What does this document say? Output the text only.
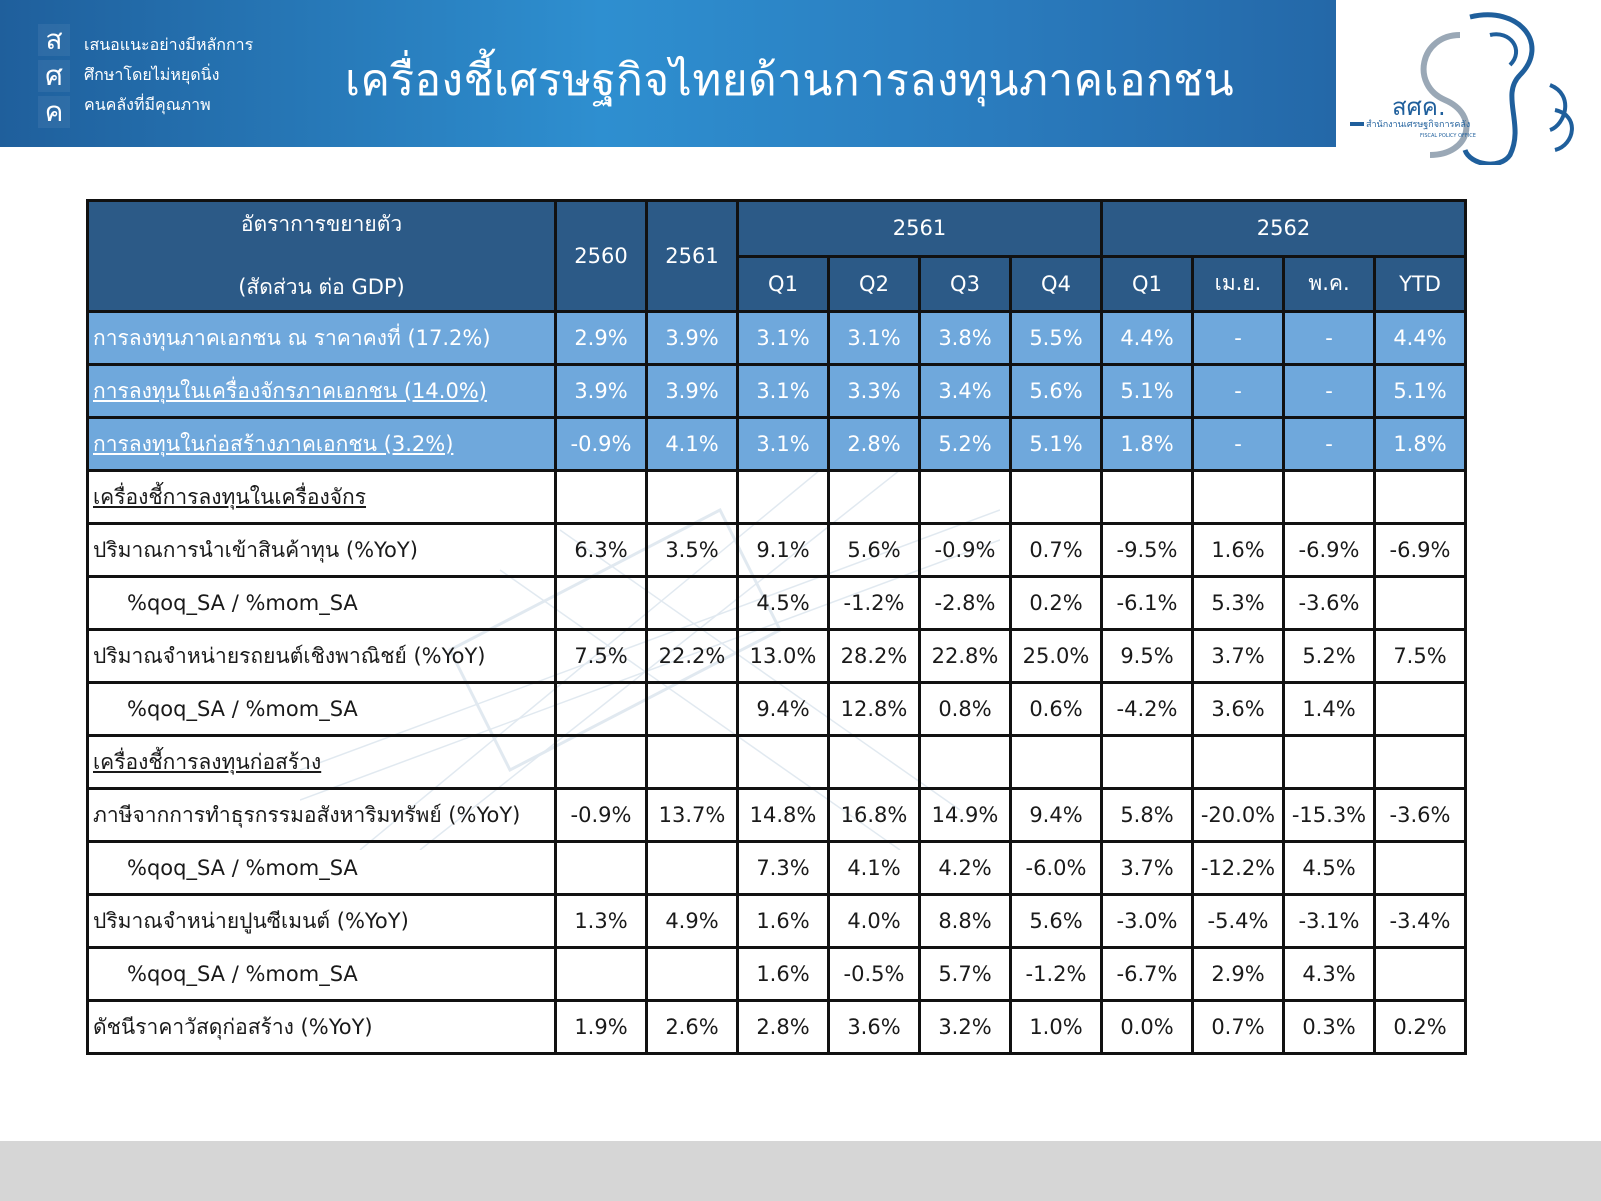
ส
ศ
ค
เสนอแนะอย่างมีหลักการ
ศึกษาโดยไม่หยุดนิ่ง
คนคลังที่มีคุณภาพ	เครื่องชี้เศรษฐกิจไทยด้านการลงทุนภาคเอกชน
สศค.
สำนักงานเศรษฐกิจการคลัง
FISCAL POLICY OFFICE
อัตราการขยายตัว
(สัดส่วน ต่อ GDP)	2560	2561	2561				2562			
			Q1	Q2	Q3	Q4	Q1	เม.ย.	พ.ค.	YTD
การลงทุนภาคเอกชน ณ ราคาคงที่ (17.2%)	2.9%	3.9%	3.1%	3.1%	3.8%	5.5%	4.4%	-	-	4.4%
การลงทุนในเครื่องจักรภาคเอกชน (14.0%)	3.9%	3.9%	3.1%	3.3%	3.4%	5.6%	5.1%	-	-	5.1%
การลงทุนในก่อสร้างภาคเอกชน (3.2%)	-0.9%	4.1%	3.1%	2.8%	5.2%	5.1%	1.8%	-	-	1.8%
เครื่องชี้การลงทุนในเครื่องจักร										
ปริมาณการนำเข้าสินค้าทุน (%YoY)	6.3%	3.5%	9.1%	5.6%	-0.9%	0.7%	-9.5%	1.6%	-6.9%	-6.9%
%qoq_SA / %mom_SA			4.5%	-1.2%	-2.8%	0.2%	-6.1%	5.3%	-3.6%	
ปริมาณจำหน่ายรถยนต์เชิงพาณิชย์ (%YoY)	7.5%	22.2%	13.0%	28.2%	22.8%	25.0%	9.5%	3.7%	5.2%	7.5%
%qoq_SA / %mom_SA			9.4%	12.8%	0.8%	0.6%	-4.2%	3.6%	1.4%	
เครื่องชี้การลงทุนก่อสร้าง										
ภาษีจากการทำธุรกรรมอสังหาริมทรัพย์ (%YoY)	-0.9%	13.7%	14.8%	16.8%	14.9%	9.4%	5.8%	-20.0%	-15.3%	-3.6%
%qoq_SA / %mom_SA			7.3%	4.1%	4.2%	-6.0%	3.7%	-12.2%	4.5%	
ปริมาณจำหน่ายปูนซีเมนต์ (%YoY)	1.3%	4.9%	1.6%	4.0%	8.8%	5.6%	-3.0%	-5.4%	-3.1%	-3.4%
%qoq_SA / %mom_SA			1.6%	-0.5%	5.7%	-1.2%	-6.7%	2.9%	4.3%	
ดัชนีราคาวัสดุก่อสร้าง (%YoY)	1.9%	2.6%	2.8%	3.6%	3.2%	1.0%	0.0%	0.7%	0.3%	0.2%
